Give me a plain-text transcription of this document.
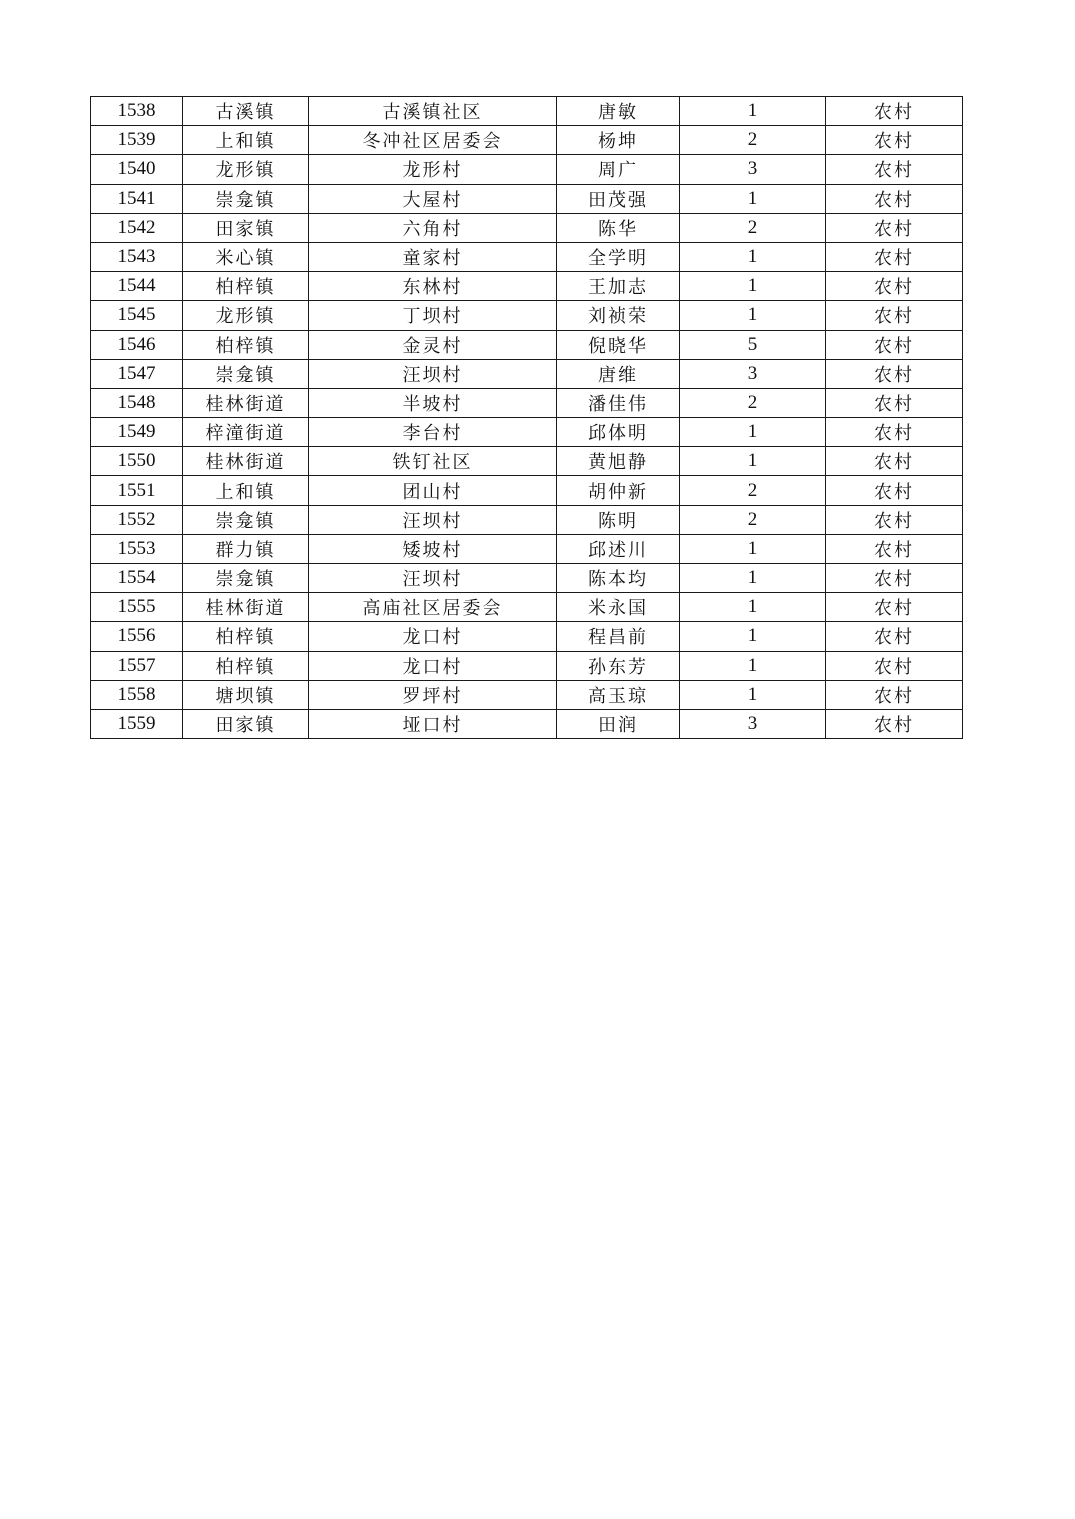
1538	古溪镇	古溪镇社区	唐敏	1	农村
1539	上和镇	冬冲社区居委会	杨坤	2	农村
1540	龙形镇	龙形村	周广	3	农村
1541	崇龛镇	大屋村	田茂强	1	农村
1542	田家镇	六角村	陈华	2	农村
1543	米心镇	童家村	全学明	1	农村
1544	柏梓镇	东林村	王加志	1	农村
1545	龙形镇	丁坝村	刘祯荣	1	农村
1546	柏梓镇	金灵村	倪晓华	5	农村
1547	崇龛镇	汪坝村	唐维	3	农村
1548	桂林街道	半坡村	潘佳伟	2	农村
1549	梓潼街道	李台村	邱体明	1	农村
1550	桂林街道	铁钉社区	黄旭静	1	农村
1551	上和镇	团山村	胡仲新	2	农村
1552	崇龛镇	汪坝村	陈明	2	农村
1553	群力镇	矮坡村	邱述川	1	农村
1554	崇龛镇	汪坝村	陈本均	1	农村
1555	桂林街道	高庙社区居委会	米永国	1	农村
1556	柏梓镇	龙口村	程昌前	1	农村
1557	柏梓镇	龙口村	孙东芳	1	农村
1558	塘坝镇	罗坪村	高玉琼	1	农村
1559	田家镇	垭口村	田润	3	农村
